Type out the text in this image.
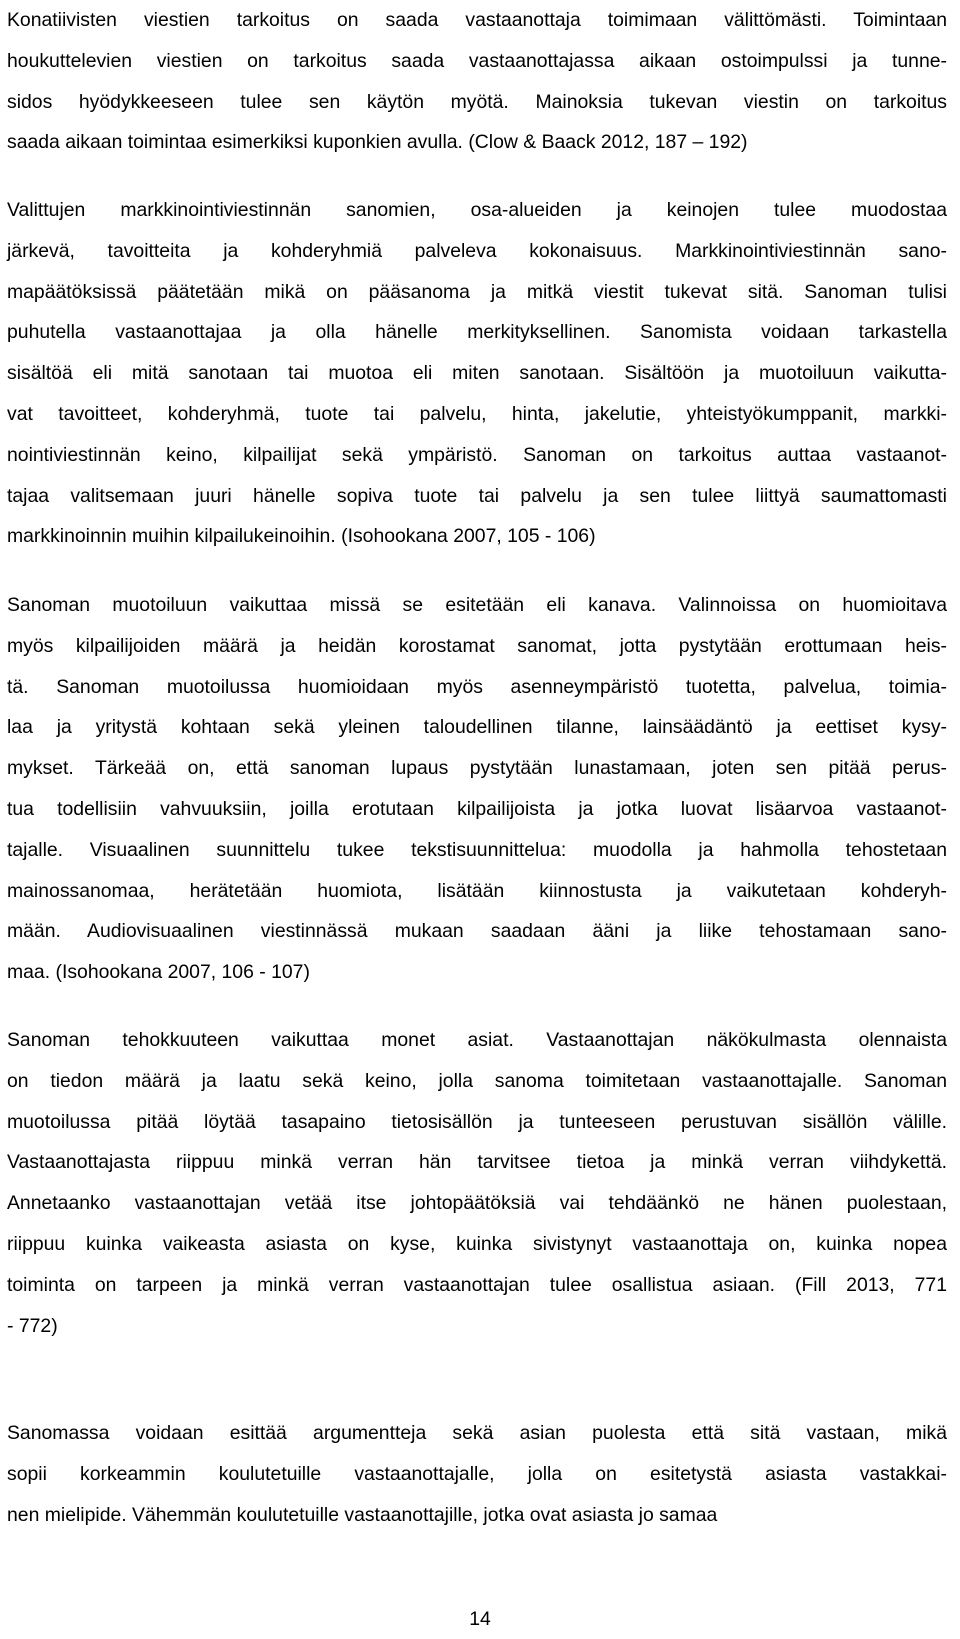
Konatiivisten viestien tarkoitus on saada vastaanottaja toimimaan välittömästi. Toimintaan
houkuttelevien viestien on tarkoitus saada vastaanottajassa aikaan ostoimpulssi ja tunne-
sidos hyödykkeeseen tulee sen käytön myötä. Mainoksia tukevan viestin on tarkoitus
saada aikaan toimintaa esimerkiksi kuponkien avulla. (Clow & Baack 2012, 187 – 192)
Valittujen markkinointiviestinnän sanomien, osa-alueiden ja keinojen tulee muodostaa
järkevä, tavoitteita ja kohderyhmiä palveleva kokonaisuus. Markkinointiviestinnän sano-
mapäätöksissä päätetään mikä on pääsanoma ja mitkä viestit tukevat sitä. Sanoman tulisi
puhutella vastaanottajaa ja olla hänelle merkityksellinen. Sanomista voidaan tarkastella
sisältöä eli mitä sanotaan tai muotoa eli miten sanotaan. Sisältöön ja muotoiluun vaikutta-
vat tavoitteet, kohderyhmä, tuote tai palvelu, hinta, jakelutie, yhteistyökumppanit, markki-
nointiviestinnän keino, kilpailijat sekä ympäristö. Sanoman on tarkoitus auttaa vastaanot-
tajaa valitsemaan juuri hänelle sopiva tuote tai palvelu ja sen tulee liittyä saumattomasti
markkinoinnin muihin kilpailukeinoihin. (Isohookana 2007, 105 - 106)
Sanoman muotoiluun vaikuttaa missä se esitetään eli kanava. Valinnoissa on huomioitava
myös kilpailijoiden määrä ja heidän korostamat sanomat, jotta pystytään erottumaan heis-
tä. Sanoman muotoilussa huomioidaan myös asenneympäristö tuotetta, palvelua, toimia-
laa ja yritystä kohtaan sekä yleinen taloudellinen tilanne, lainsäädäntö ja eettiset kysy-
mykset. Tärkeää on, että sanoman lupaus pystytään lunastamaan, joten sen pitää perus-
tua todellisiin vahvuuksiin, joilla erotutaan kilpailijoista ja jotka luovat lisäarvoa vastaanot-
tajalle. Visuaalinen suunnittelu tukee tekstisuunnittelua: muodolla ja hahmolla tehostetaan
mainossanomaa, herätetään huomiota, lisätään kiinnostusta ja vaikutetaan kohderyh-
mään. Audiovisuaalinen viestinnässä mukaan saadaan ääni ja liike tehostamaan sano-
maa. (Isohookana 2007, 106 - 107)
Sanoman tehokkuuteen vaikuttaa monet asiat. Vastaanottajan näkökulmasta olennaista
on tiedon määrä ja laatu sekä keino, jolla sanoma toimitetaan vastaanottajalle. Sanoman
muotoilussa pitää löytää tasapaino tietosisällön ja tunteeseen perustuvan sisällön välille.
Vastaanottajasta riippuu minkä verran hän tarvitsee tietoa ja minkä verran viihdykettä.
Annetaanko vastaanottajan vetää itse johtopäätöksiä vai tehdäänkö ne hänen puolestaan,
riippuu kuinka vaikeasta asiasta on kyse, kuinka sivistynyt vastaanottaja on, kuinka nopea
toiminta on tarpeen ja minkä verran vastaanottajan tulee osallistua asiaan. (Fill 2013, 771
- 772)
Sanomassa voidaan esittää argumentteja sekä asian puolesta että sitä vastaan, mikä
sopii korkeammin koulutetuille vastaanottajalle, jolla on esitetystä asiasta vastakkai-
nen mielipide. Vähemmän koulutetuille vastaanottajille, jotka ovat asiasta jo samaa
14
